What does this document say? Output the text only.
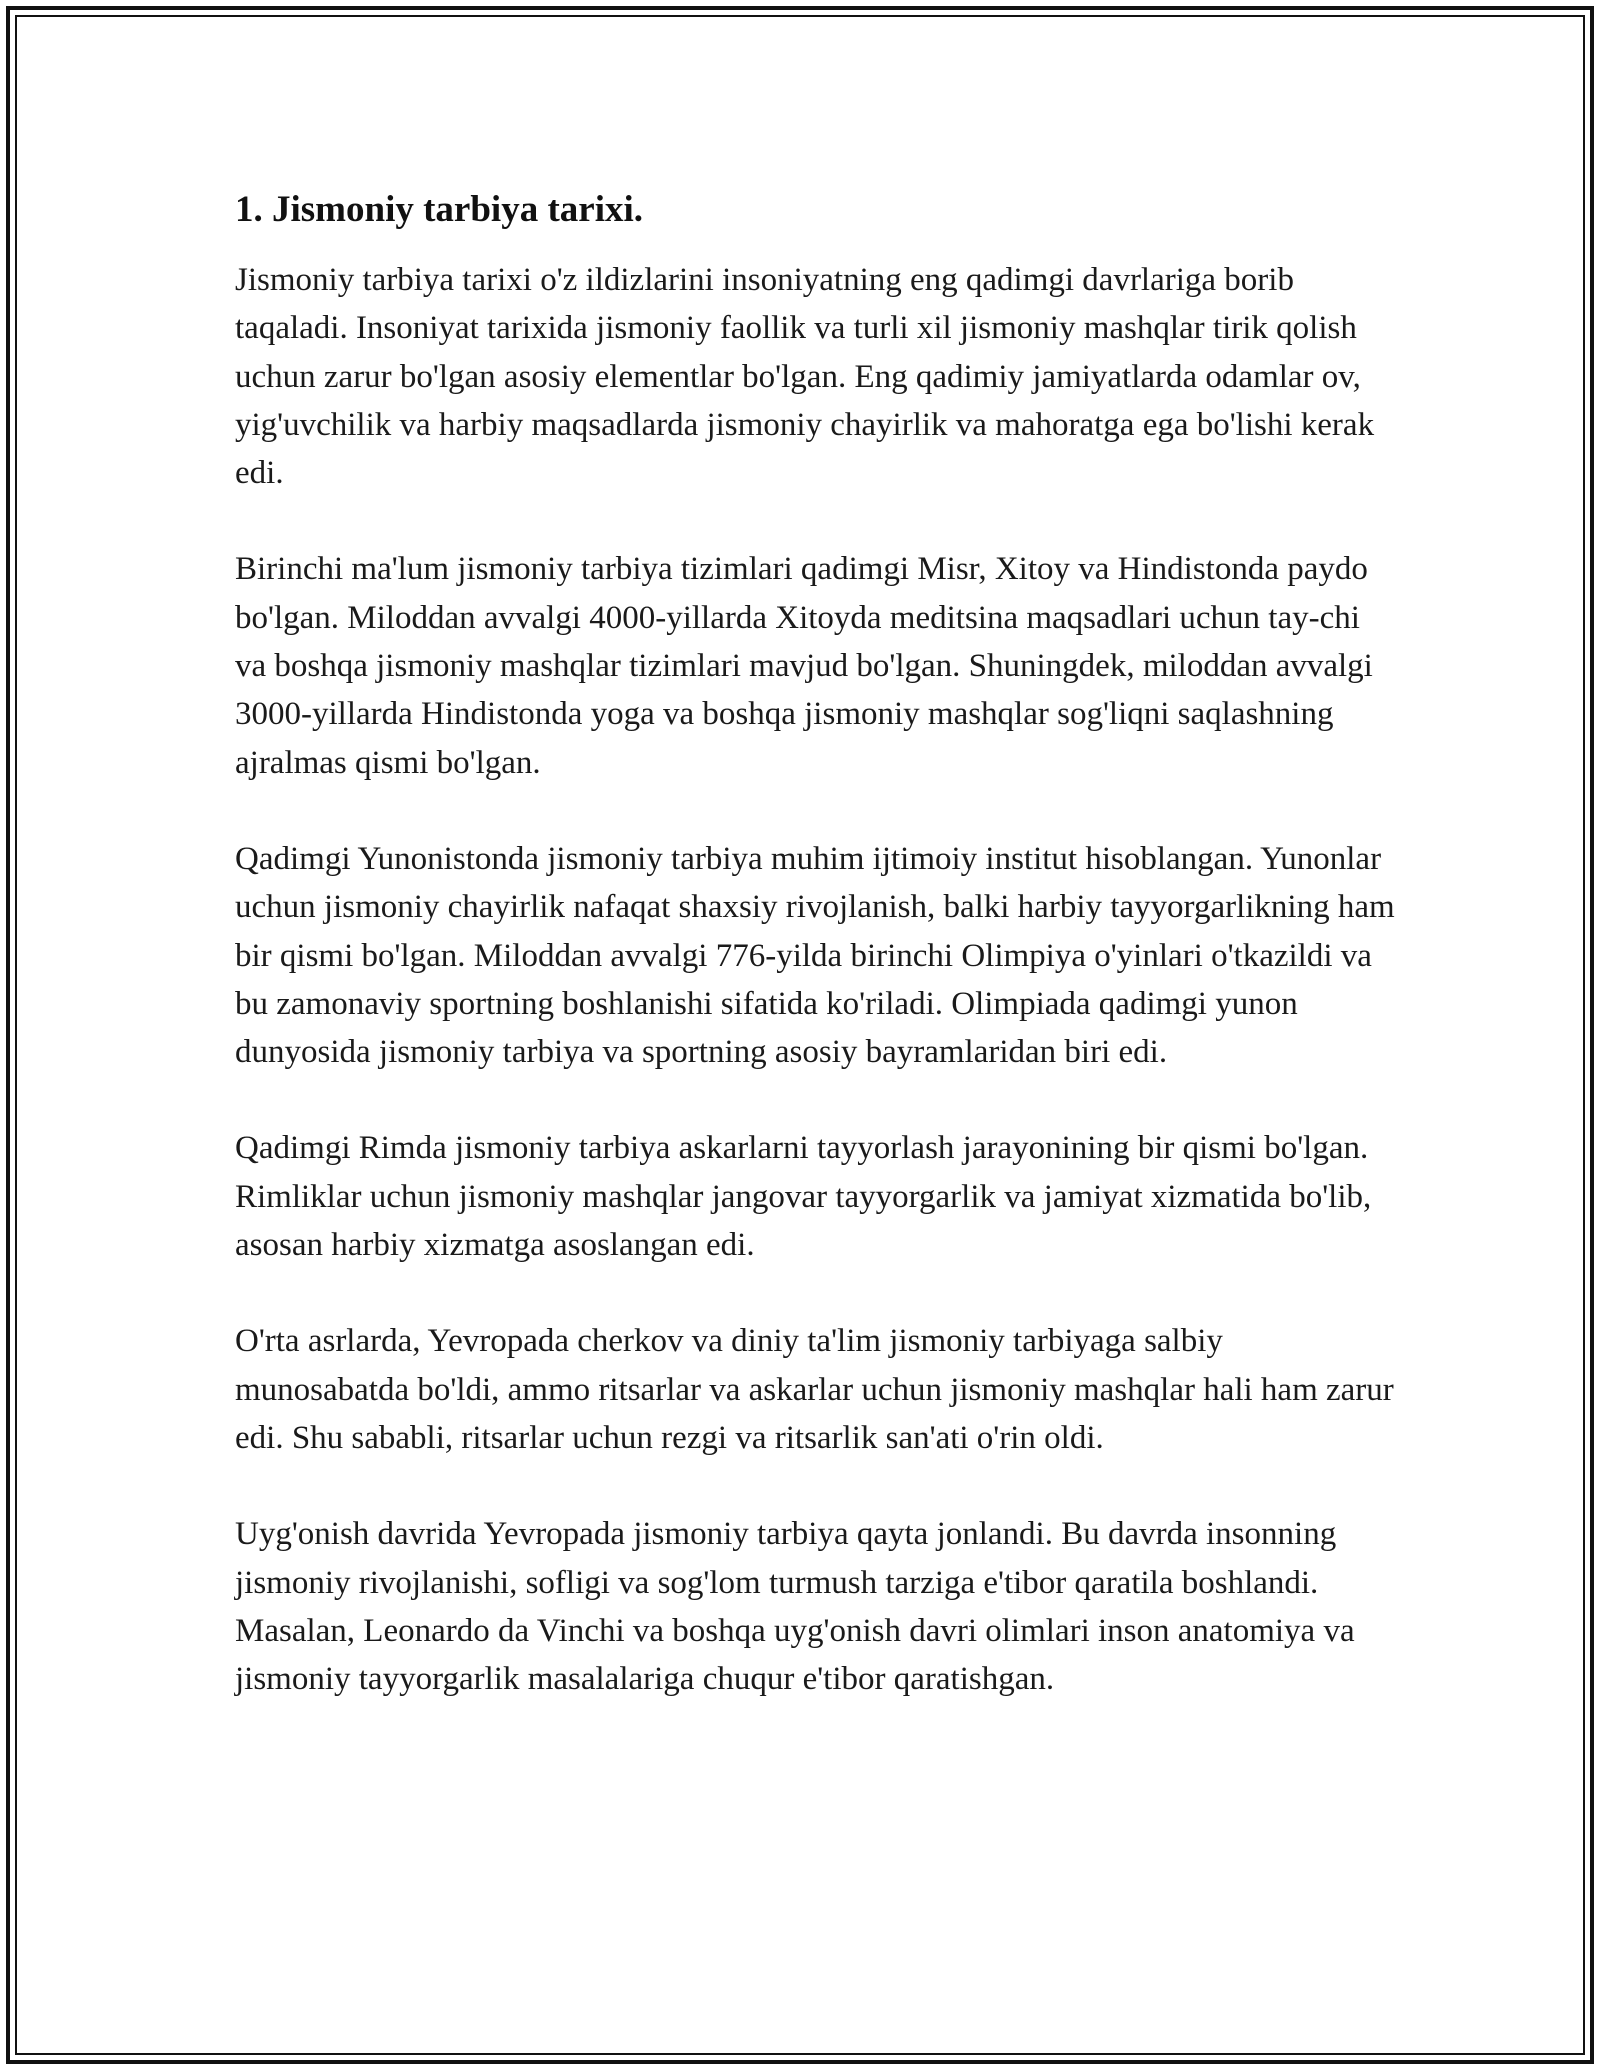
1. Jismoniy tarbiya tarixi.

Jismoniy tarbiya tarixi o'z ildizlarini insoniyatning eng qadimgi davrlariga borib taqaladi. Insoniyat tarixida jismoniy faollik va turli xil jismoniy mashqlar tirik qolish uchun zarur bo'lgan asosiy elementlar bo'lgan. Eng qadimiy jamiyatlarda odamlar ov, yig'uvchilik va harbiy maqsadlarda jismoniy chayirlik va mahoratga ega bo'lishi kerak edi.

Birinchi ma'lum jismoniy tarbiya tizimlari qadimgi Misr, Xitoy va Hindistonda paydo bo'lgan. Miloddan avvalgi 4000-yillarda Xitoyda meditsina maqsadlari uchun tay-chi va boshqa jismoniy mashqlar tizimlari mavjud bo'lgan. Shuningdek, miloddan avvalgi 3000-yillarda Hindistonda yoga va boshqa jismoniy mashqlar sog'liqni saqlashning ajralmas qismi bo'lgan.

Qadimgi Yunonistonda jismoniy tarbiya muhim ijtimoiy institut hisoblangan. Yunonlar uchun jismoniy chayirlik nafaqat shaxsiy rivojlanish, balki harbiy tayyorgarlikning ham bir qismi bo'lgan. Miloddan avvalgi 776-yilda birinchi Olimpiya o'yinlari o'tkazildi va bu zamonaviy sportning boshlanishi sifatida ko'riladi. Olimpiada qadimgi yunon dunyosida jismoniy tarbiya va sportning asosiy bayramlaridan biri edi.

Qadimgi Rimda jismoniy tarbiya askarlarni tayyorlash jarayonining bir qismi bo'lgan. Rimliklar uchun jismoniy mashqlar jangovar tayyorgarlik va jamiyat xizmatida bo'lib, asosan harbiy xizmatga asoslangan edi.

O'rta asrlarda, Yevropada cherkov va diniy ta'lim jismoniy tarbiyaga salbiy munosabatda bo'ldi, ammo ritsarlar va askarlar uchun jismoniy mashqlar hali ham zarur edi. Shu sababli, ritsarlar uchun rezgi va ritsarlik san'ati o'rin oldi.

Uyg'onish davrida Yevropada jismoniy tarbiya qayta jonlandi. Bu davrda insonning jismoniy rivojlanishi, sofligi va sog'lom turmush tarziga e'tibor qaratila boshlandi. Masalan, Leonardo da Vinchi va boshqa uyg'onish davri olimlari inson anatomiya va jismoniy tayyorgarlik masalalariga chuqur e'tibor qaratishgan.
